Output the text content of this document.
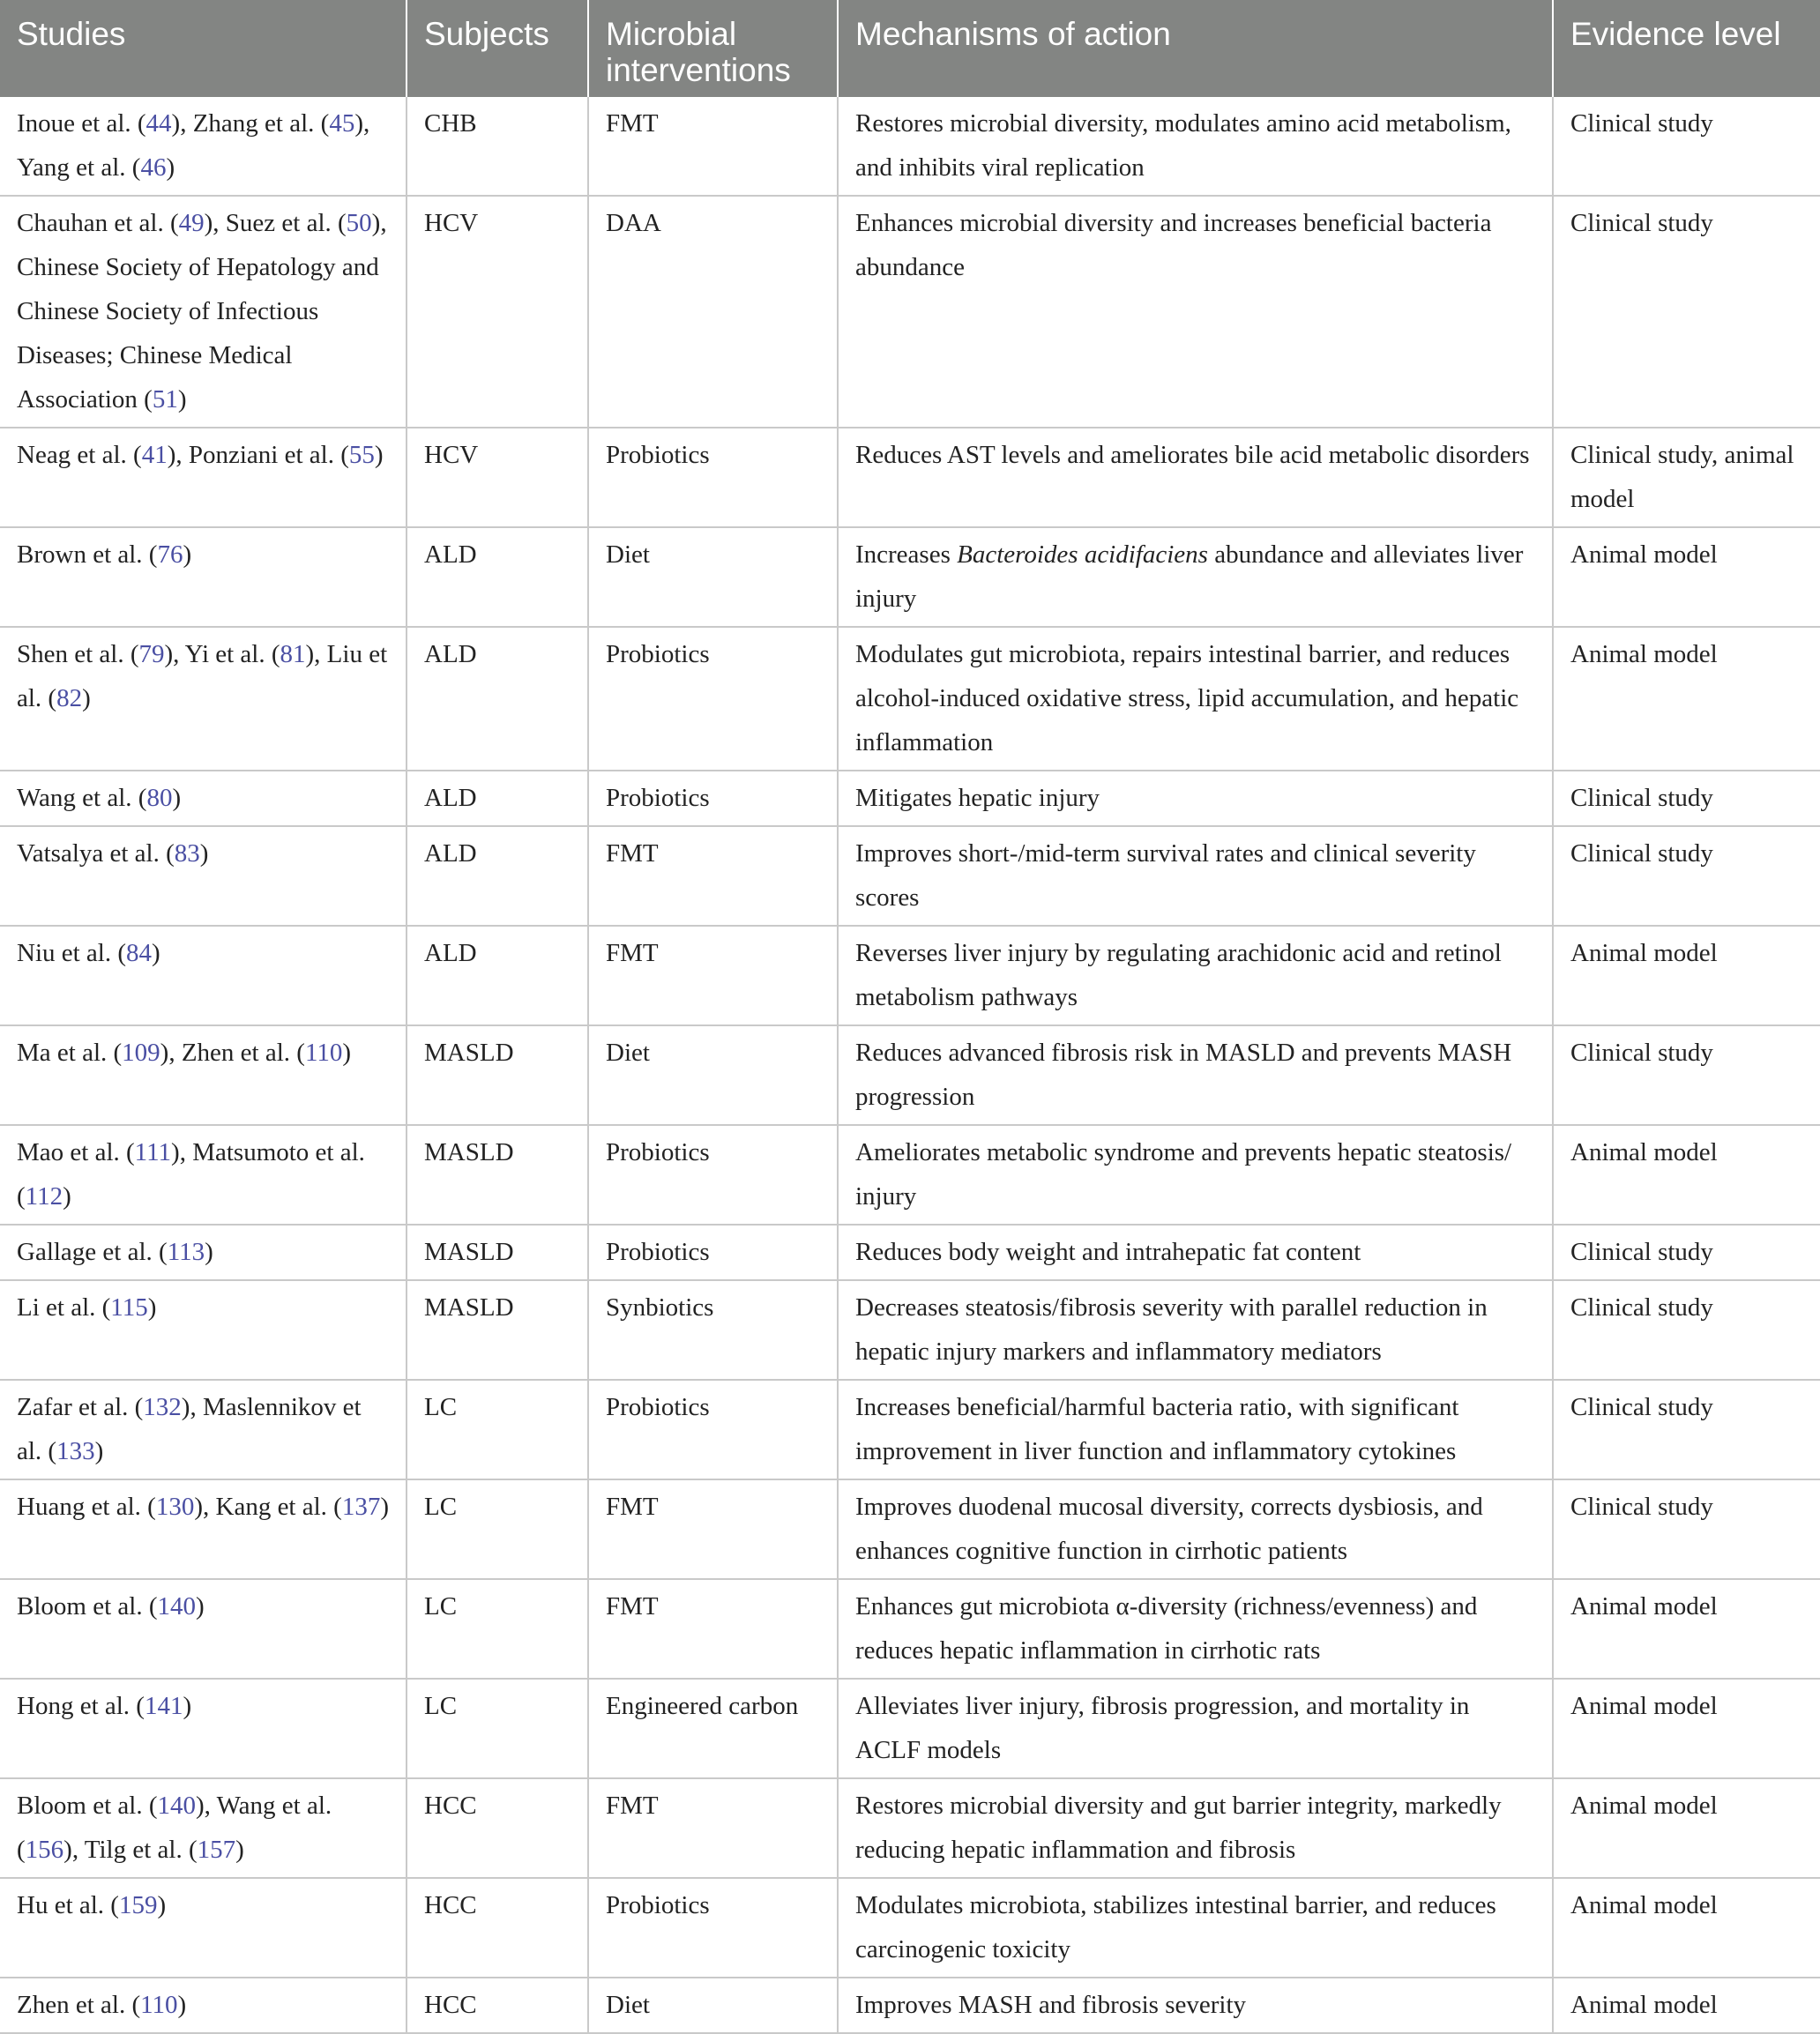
Studies	Subjects	Microbial interventions	Mechanisms of action	Evidence level
Inoue et al. (44), Zhang et al. (45), Yang et al. (46)	CHB	FMT	Restores microbial diversity, modulates amino acid metabolism, and inhibits viral replication	Clinical study
Chauhan et al. (49), Suez et al. (50), Chinese Society of Hepatology and Chinese Society of Infectious Diseases; Chinese Medical Association (51)	HCV	DAA	Enhances microbial diversity and increases beneficial bacteria abundance	Clinical study
Neag et al. (41), Ponziani et al. (55)	HCV	Probiotics	Reduces AST levels and ameliorates bile acid metabolic disorders	Clinical study, animal model
Brown et al. (76)	ALD	Diet	Increases Bacteroides acidifaciens abundance and alleviates liver injury	Animal model
Shen et al. (79), Yi et al. (81), Liu et al. (82)	ALD	Probiotics	Modulates gut microbiota, repairs intestinal barrier, and reduces alcohol-induced oxidative stress, lipid accumulation, and hepatic inflammation	Animal model
Wang et al. (80)	ALD	Probiotics	Mitigates hepatic injury	Clinical study
Vatsalya et al. (83)	ALD	FMT	Improves short-/mid-term survival rates and clinical severity scores	Clinical study
Niu et al. (84)	ALD	FMT	Reverses liver injury by regulating arachidonic acid and retinol metabolism pathways	Animal model
Ma et al. (109), Zhen et al. (110)	MASLD	Diet	Reduces advanced fibrosis risk in MASLD and prevents MASH progression	Clinical study
Mao et al. (111), Matsumoto et al. (112)	MASLD	Probiotics	Ameliorates metabolic syndrome and prevents hepatic steatosis/ injury	Animal model
Gallage et al. (113)	MASLD	Probiotics	Reduces body weight and intrahepatic fat content	Clinical study
Li et al. (115)	MASLD	Synbiotics	Decreases steatosis/fibrosis severity with parallel reduction in hepatic injury markers and inflammatory mediators	Clinical study
Zafar et al. (132), Maslennikov et al. (133)	LC	Probiotics	Increases beneficial/harmful bacteria ratio, with significant improvement in liver function and inflammatory cytokines	Clinical study
Huang et al. (130), Kang et al. (137)	LC	FMT	Improves duodenal mucosal diversity, corrects dysbiosis, and enhances cognitive function in cirrhotic patients	Clinical study
Bloom et al. (140)	LC	FMT	Enhances gut microbiota α-diversity (richness/evenness) and reduces hepatic inflammation in cirrhotic rats	Animal model
Hong et al. (141)	LC	Engineered carbon	Alleviates liver injury, fibrosis progression, and mortality in ACLF models	Animal model
Bloom et al. (140), Wang et al. (156), Tilg et al. (157)	HCC	FMT	Restores microbial diversity and gut barrier integrity, markedly reducing hepatic inflammation and fibrosis	Animal model
Hu et al. (159)	HCC	Probiotics	Modulates microbiota, stabilizes intestinal barrier, and reduces carcinogenic toxicity	Animal model
Zhen et al. (110)	HCC	Diet	Improves MASH and fibrosis severity	Animal model
